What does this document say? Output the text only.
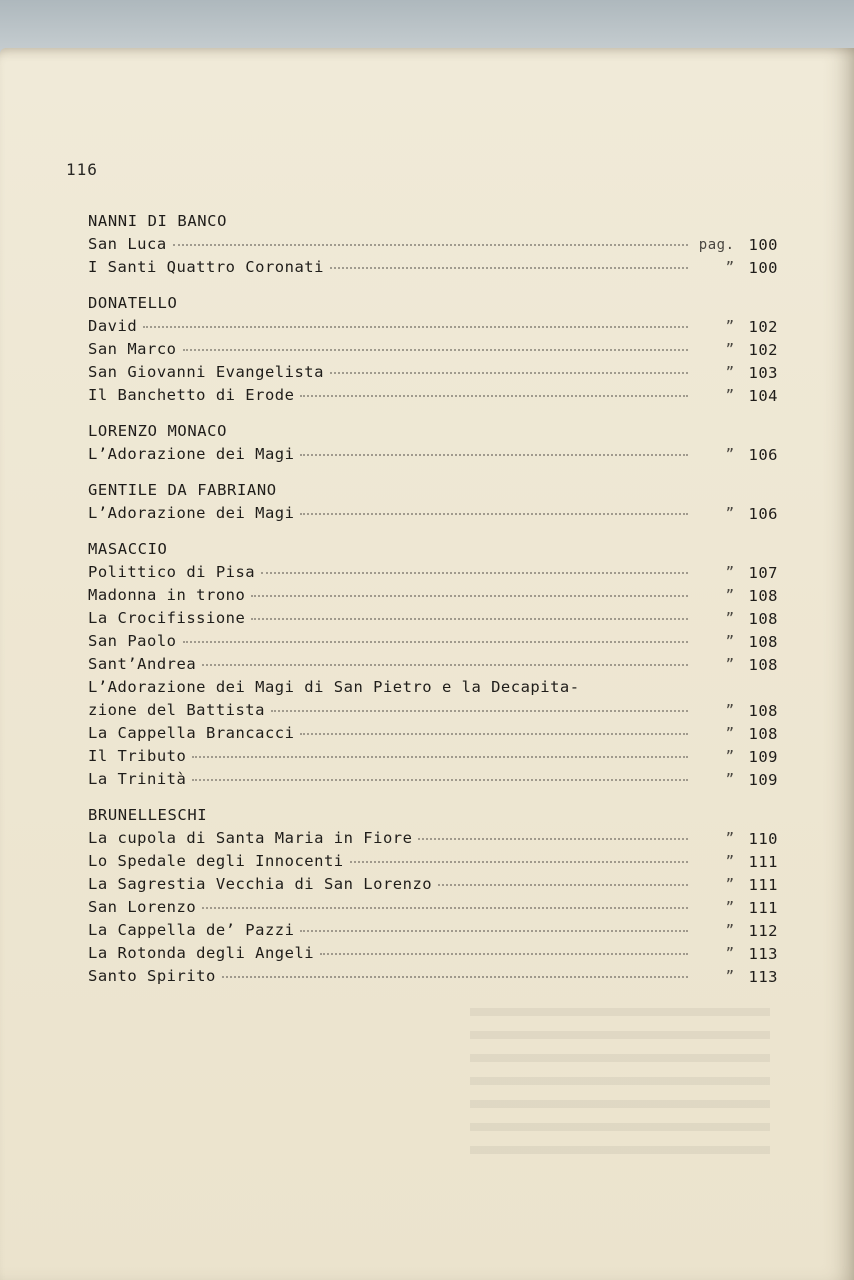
116
NANNI DI BANCO
San Luca	pag. 100
I Santi Quattro Coronati	” 100
DONATELLO
David	” 102
San Marco	” 102
San Giovanni Evangelista	” 103
Il Banchetto di Erode	” 104
LORENZO MONACO
L’Adorazione dei Magi	” 106
GENTILE DA FABRIANO
L’Adorazione dei Magi	” 106
MASACCIO
Polittico di Pisa	” 107
Madonna in trono	” 108
La Crocifissione	” 108
San Paolo	” 108
Sant’Andrea	” 108
L’Adorazione dei Magi di San Pietro e la Decapita-
zione del Battista	” 108
La Cappella Brancacci	” 108
Il Tributo	” 109
La Trinità	” 109
BRUNELLESCHI
La cupola di Santa Maria in Fiore	” 110
Lo Spedale degli Innocenti	” 111
La Sagrestia Vecchia di San Lorenzo	” 111
San Lorenzo	” 111
La Cappella de’ Pazzi	” 112
La Rotonda degli Angeli	” 113
Santo Spirito	” 113
